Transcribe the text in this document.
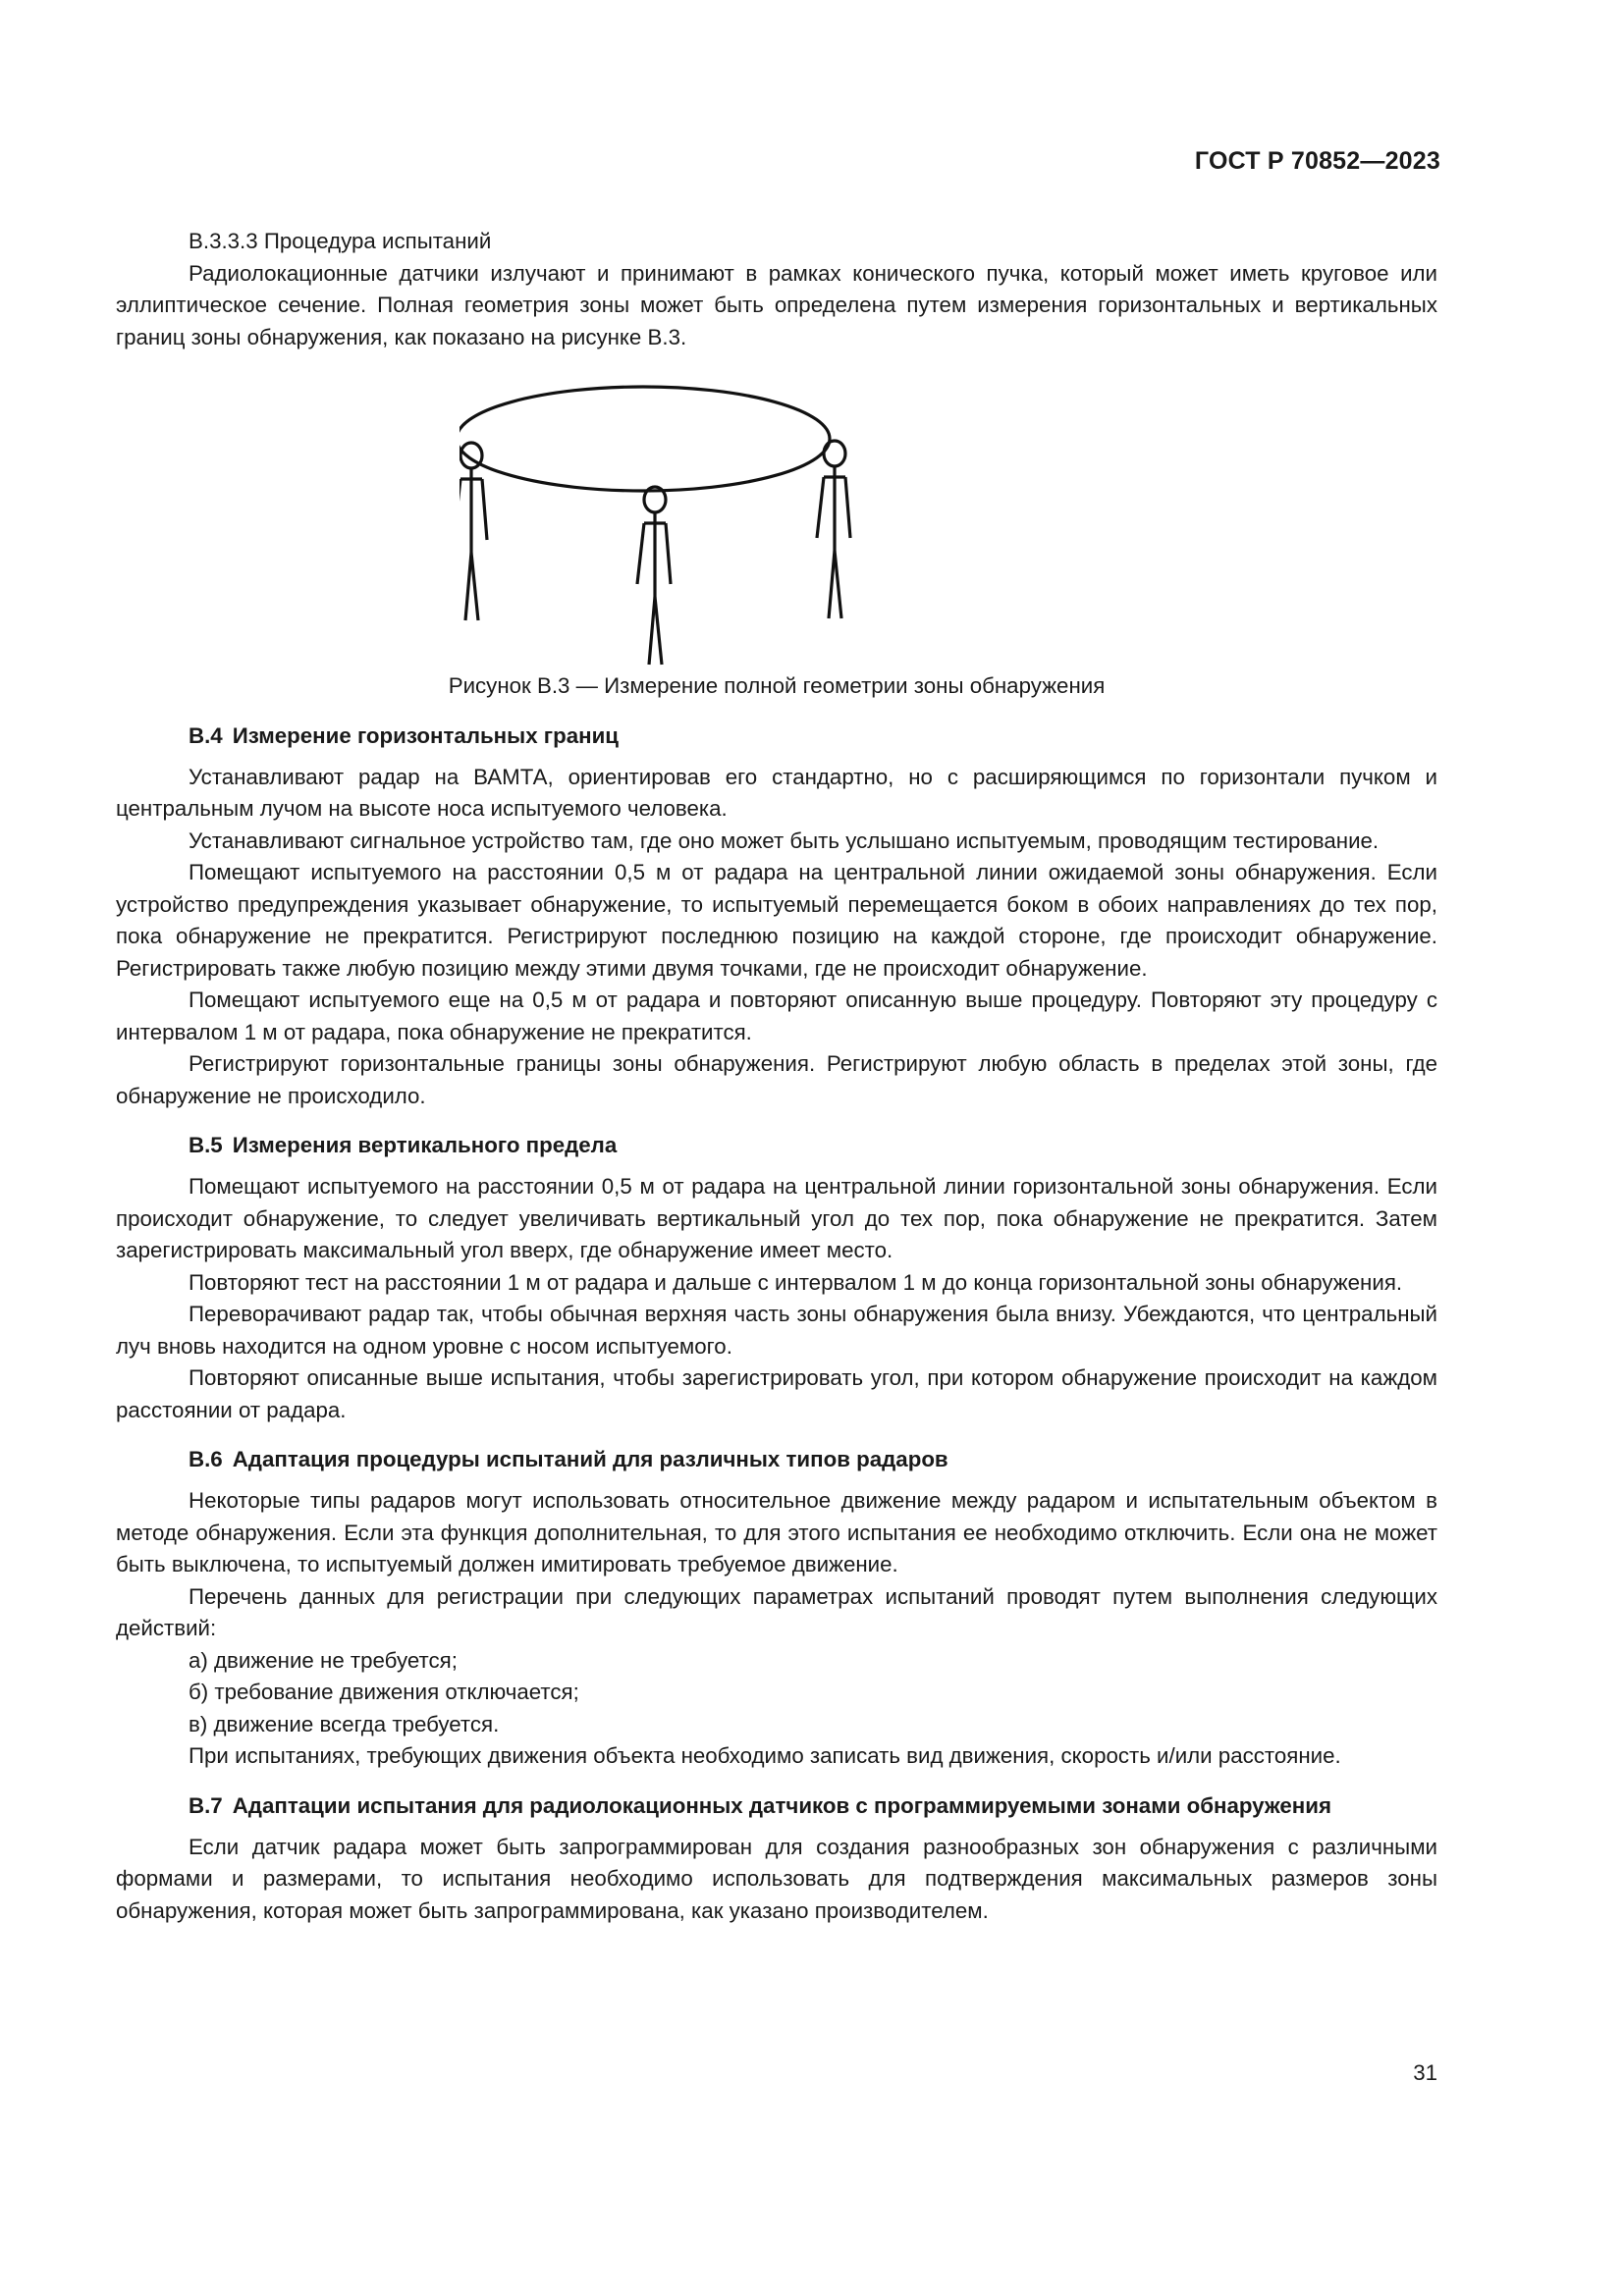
ГОСТ Р 70852—2023

В.3.3.3 Процедура испытаний

Радиолокационные датчики излучают и принимают в рамках конического пучка, который может иметь круговое или эллиптическое сечение. Полная геометрия зоны может быть определена путем измерения горизонтальных и вертикальных границ зоны обнаружения, как показано на рисунке В.3.

Рисунок В.3 — Измерение полной геометрии зоны обнаружения

В.4 Измерение горизонтальных границ

Устанавливают радар на ВАМТА, ориентировав его стандартно, но с расширяющимся по горизонтали пучком и центральным лучом на высоте носа испытуемого человека.

Устанавливают сигнальное устройство там, где оно может быть услышано испытуемым, проводящим тестирование.

Помещают испытуемого на расстоянии 0,5 м от радара на центральной линии ожидаемой зоны обнаружения. Если устройство предупреждения указывает обнаружение, то испытуемый перемещается боком в обоих направлениях до тех пор, пока обнаружение не прекратится. Регистрируют последнюю позицию на каждой стороне, где происходит обнаружение. Регистрировать также любую позицию между этими двумя точками, где не происходит обнаружение.

Помещают испытуемого еще на 0,5 м от радара и повторяют описанную выше процедуру. Повторяют эту процедуру с интервалом 1 м от радара, пока обнаружение не прекратится.

Регистрируют горизонтальные границы зоны обнаружения. Регистрируют любую область в пределах этой зоны, где обнаружение не происходило.

В.5 Измерения вертикального предела

Помещают испытуемого на расстоянии 0,5 м от радара на центральной линии горизонтальной зоны обнаружения. Если происходит обнаружение, то следует увеличивать вертикальный угол до тех пор, пока обнаружение не прекратится. Затем зарегистрировать максимальный угол вверх, где обнаружение имеет место.

Повторяют тест на расстоянии 1 м от радара и дальше с интервалом 1 м до конца горизонтальной зоны обнаружения.

Переворачивают радар так, чтобы обычная верхняя часть зоны обнаружения была внизу. Убеждаются, что центральный луч вновь находится на одном уровне с носом испытуемого.

Повторяют описанные выше испытания, чтобы зарегистрировать угол, при котором обнаружение происходит на каждом расстоянии от радара.

В.6 Адаптация процедуры испытаний для различных типов радаров

Некоторые типы радаров могут использовать относительное движение между радаром и испытательным объектом в методе обнаружения. Если эта функция дополнительная, то для этого испытания ее необходимо отключить. Если она не может быть выключена, то испытуемый должен имитировать требуемое движение.

Перечень данных для регистрации при следующих параметрах испытаний проводят путем выполнения следующих действий:

а) движение не требуется;

б) требование движения отключается;

в) движение всегда требуется.

При испытаниях, требующих движения объекта необходимо записать вид движения, скорость и/или расстояние.

В.7 Адаптации испытания для радиолокационных датчиков с программируемыми зонами обнаружения

Если датчик радара может быть запрограммирован для создания разнообразных зон обнаружения с различными формами и размерами, то испытания необходимо использовать для подтверждения максимальных размеров зоны обнаружения, которая может быть запрограммирована, как указано производителем.

31
